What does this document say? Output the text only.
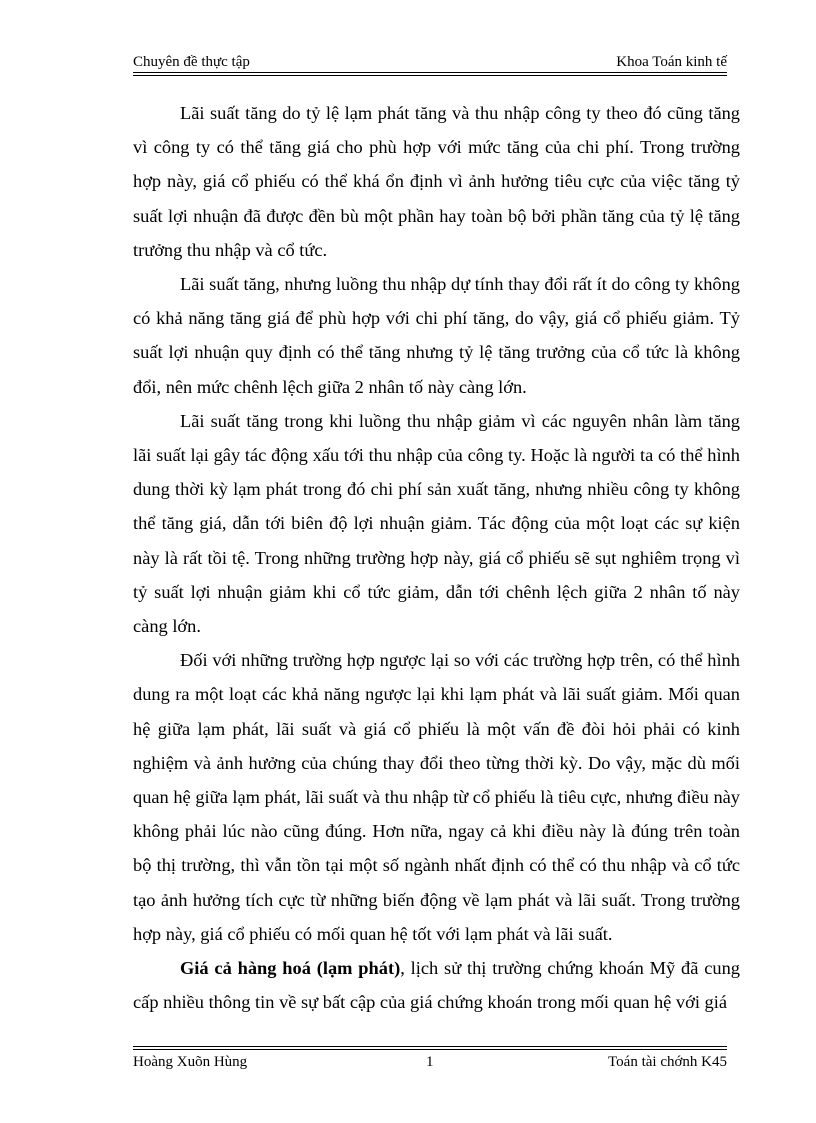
Chuyên đề thực tập	Khoa Toán kinh tế

Lãi suất tăng do tỷ lệ lạm phát tăng và thu nhập công ty theo đó cũng tăng vì công ty có thể tăng giá cho phù hợp với mức tăng của chi phí. Trong trường hợp này, giá cổ phiếu có thể khá ổn định vì ảnh hưởng tiêu cực của việc tăng tỷ suất lợi nhuận đã được đền bù một phần hay toàn bộ bởi phần tăng của tỷ lệ tăng trưởng thu nhập và cổ tức.

Lãi suất tăng, nhưng luồng thu nhập dự tính thay đổi rất ít do công ty không có khả năng tăng giá để phù hợp với chi phí tăng, do vậy, giá cổ phiếu giảm. Tỷ suất lợi nhuận quy định có thể tăng nhưng tỷ lệ tăng trưởng của cổ tức là không đổi, nên mức chênh lệch giữa 2 nhân tố này càng lớn.

Lãi suất tăng trong khi luồng thu nhập giảm vì các nguyên nhân làm tăng lãi suất lại gây tác động xấu tới thu nhập của công ty. Hoặc là người ta có thể hình dung thời kỳ lạm phát trong đó chi phí sản xuất tăng, nhưng nhiều công ty không thể tăng giá, dẫn tới biên độ lợi nhuận giảm. Tác động của một loạt các sự kiện này là rất tồi tệ. Trong những trường hợp này, giá cổ phiếu sẽ sụt nghiêm trọng vì tỷ suất lợi nhuận giảm khi cổ tức giảm, dẫn tới chênh lệch giữa 2 nhân tố này càng lớn.

Đối với những trường hợp ngược lại so với các trường hợp trên, có thể hình dung ra một loạt các khả năng ngược lại khi lạm phát và lãi suất giảm. Mối quan hệ giữa lạm phát, lãi suất và giá cổ phiếu là một vấn đề đòi hỏi phải có kinh nghiệm và ảnh hưởng của chúng thay đổi theo từng thời kỳ. Do vậy, mặc dù mối quan hệ giữa lạm phát, lãi suất và thu nhập từ cổ phiếu là tiêu cực, nhưng điều này không phải lúc nào cũng đúng. Hơn nữa, ngay cả khi điều này là đúng trên toàn bộ thị trường, thì vẫn tồn tại một số ngành nhất định có thể có thu nhập và cổ tức tạo ảnh hưởng tích cực từ những biến động về lạm phát và lãi suất. Trong trường hợp này, giá cổ phiếu có mối quan hệ tốt với lạm phát và lãi suất.

Giá cả hàng hoá (lạm phát), lịch sử thị trường chứng khoán Mỹ đã cung cấp nhiều thông tin về sự bất cập của giá chứng khoán trong mối quan hệ với giá

Hoàng Xuõn Hùng	1	Toán tài chớnh K45
